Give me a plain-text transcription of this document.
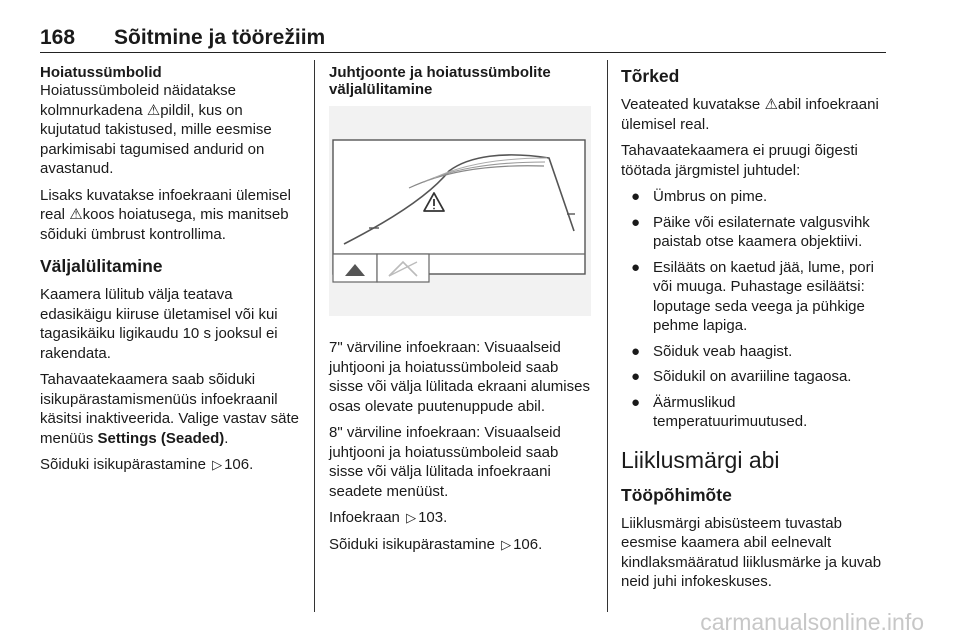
168 Sõitmine ja töörežiim
Hoiatussümbolid

Hoiatussümboleid näidatakse kolmnurkadena ⚠pildil, kus on kujutatud takistused, mille eesmise parkimisabi tagumised andurid on avastanud.

Lisaks kuvatakse infoekraani ülemisel real ⚠koos hoiatusega, mis manitseb sõiduki ümbrust kontrollima.

Väljalülitamine

Kaamera lülitub välja teatava edasikäigu kiiruse ületamisel või kui tagasikäiku ligikaudu 10 s jooksul ei rakendata.

Tahavaatekaamera saab sõiduki isikupärastamismenüüs infoekraanil käsitsi inaktiveerida. Valige vastav säte menüüs Settings (Seaded).

Sõiduki isikupärastamine ▷ 106.

Juhtjoonte ja hoiatussümbolite väljalülitamine

7" värviline infoekraan: Visuaalseid juhtjooni ja hoiatussümboleid saab sisse või välja lülitada ekraani alumises osas olevate puutenuppude abil.

8" värviline infoekraan: Visuaalseid juhtjooni ja hoiatussümboleid saab sisse või välja lülitada infoekraani seadete menüüst.

Infoekraan ▷ 103.

Sõiduki isikupärastamine ▷ 106.

Tõrked

Veateated kuvatakse ⚠abil infoekraani ülemisel real.

Tahavaatekaamera ei pruugi õigesti töötada järgmistel juhtudel:

● Ümbrus on pime.
● Päike või esilaternate valgusvihk paistab otse kaamera objektiivi.
● Esilääts on kaetud jää, lume, pori või muuga. Puhastage esiläätsi: loputage seda veega ja pühkige pehme lapiga.
● Sõiduk veab haagist.
● Sõidukil on avariiline tagaosa.
● Äärmuslikud temperatuurimuutused.
Liiklusmärgi abi
Tööpõhimõte

Liiklusmärgi abisüsteem tuvastab eesmise kaamera abil eelnevalt kindlaksmääratud liiklusmärke ja kuvab neid juhi infokeskuses.

carmanualsonline.info
